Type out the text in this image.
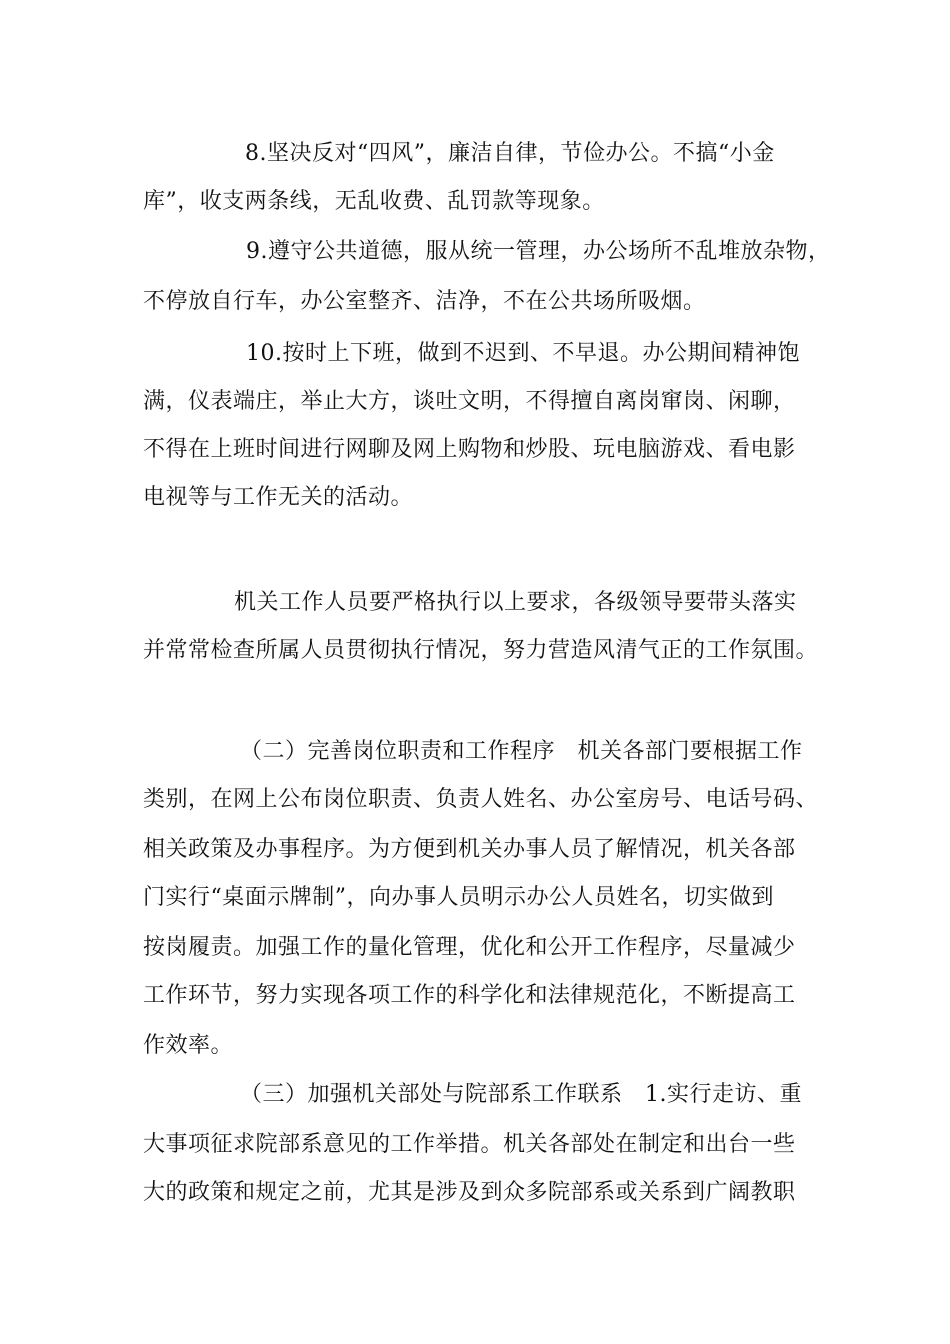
8.坚决反对“四风”，廉洁自律，节俭办公。不搞“小金
库”，收支两条线，无乱收费、乱罚款等现象。
9.遵守公共道德，服从统一管理，办公场所不乱堆放杂物，
不停放自行车，办公室整齐、洁净，不在公共场所吸烟。
10.按时上下班，做到不迟到、不早退。办公期间精神饱
满，仪表端庄，举止大方，谈吐文明，不得擅自离岗窜岗、闲聊，
不得在上班时间进行网聊及网上购物和炒股、玩电脑游戏、看电影
电视等与工作无关的活动。
机关工作人员要严格执行以上要求，各级领导要带头落实
并常常检查所属人员贯彻执行情况，努力营造风清气正的工作氛围。
（二）完善岗位职责和工作程序　机关各部门要根据工作
类别，在网上公布岗位职责、负责人姓名、办公室房号、电话号码、
相关政策及办事程序。为方便到机关办事人员了解情况，机关各部
门实行“桌面示牌制”，向办事人员明示办公人员姓名，切实做到
按岗履责。加强工作的量化管理，优化和公开工作程序，尽量减少
工作环节，努力实现各项工作的科学化和法律规范化，不断提高工
作效率。
（三）加强机关部处与院部系工作联系　1.实行走访、重
大事项征求院部系意见的工作举措。机关各部处在制定和出台一些
大的政策和规定之前，尤其是涉及到众多院部系或关系到广阔教职
